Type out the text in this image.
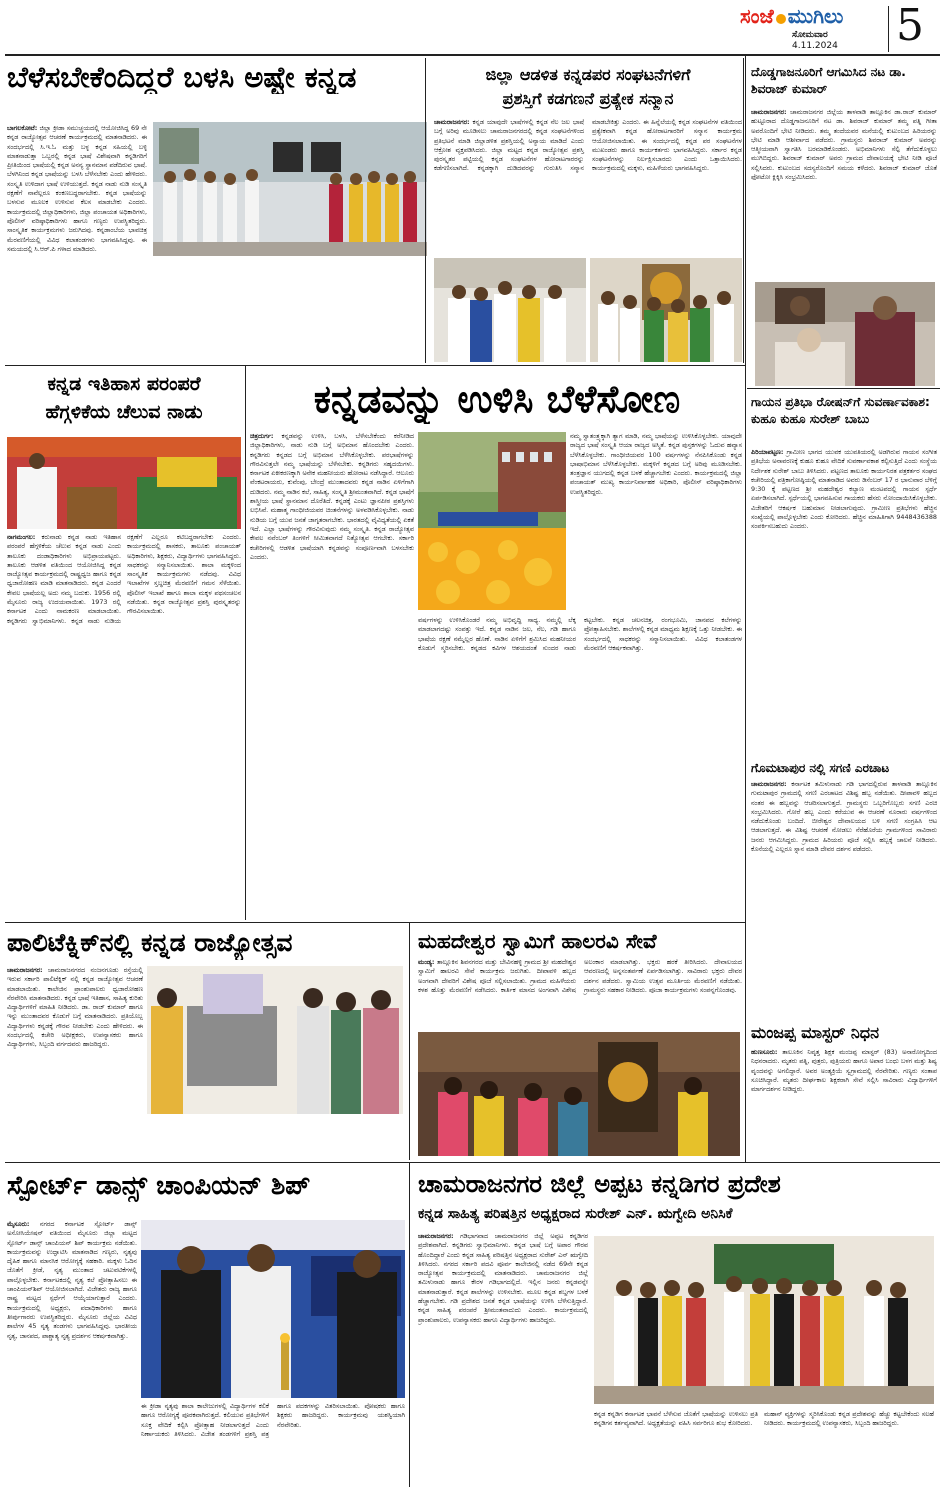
ಸಂಜೆ ಮುಗಿಲು
ಸೋಮವಾರ
4.11.2024 5
ಬೆಳೆಸಬೇಕೆಂದಿದ್ದರೆ ಬಳಸಿ ಅಷ್ಟೇ ಕನ್ನಡ
ಬಾಗಲಕೋಟೆ: ಜಿಲ್ಲಾ ಕ್ರೀಡಾ ಸಮುಚ್ಚಯದಲ್ಲಿ ಆಯೋಜಿಸಿದ್ದ 69 ನೇ ಕನ್ನಡ ರಾಜ್ಯೋತ್ಸವ ಆಚರಣೆ ಕಾರ್ಯಕ್ರಮದಲ್ಲಿ ಮಾತನಾಡಿದರು. ಈ ಸಂದರ್ಭದಲ್ಲಿ ಸಿ.ಇ.ಓ ಮತ್ತು ಬಳ್ಳ ಕನ್ನಡ ಸಹಿಯಲ್ಲಿ ಬಳ್ಳಿ ಮಾತನಾಡುತ್ತಾ ಒಬ್ಬರಲ್ಲಿ ಕನ್ನಡ ಭಾಷೆ ವಿಶೇಷವಾಗಿ ಕನ್ನಡಿಗರಿಗೆ ಪ್ರೀತಿಯಿಂದ ಭಾಷೆಯಲ್ಲಿ ಕನ್ನಡ ಅನನ್ಯ ಸ್ಥಾನಮಾನ ಪಡೆದಿರುವ ಭಾಷೆ. ಬೆಳಗಿನಿಂದ ಕನ್ನಡ ಭಾಷೆಯನ್ನು ಬಳಸಿ ಬೆಳೆಸಬೇಕು ಎಂದು ಹೇಳಿದರು. ಸಂಸ್ಕೃತಿ ಉಳಿದಾಗ ಭಾಷೆ ಉಳಿಯುತ್ತದೆ. ಕನ್ನಡ ನಾಡು ನುಡಿ ಸಂಸ್ಕೃತಿ ರಕ್ಷಣೆಗೆ ನಾವೆಲ್ಲರೂ ಕಂಕಣಬದ್ಧರಾಗಬೇಕು. ಕನ್ನಡ ಭಾಷೆಯನ್ನು ಬಳಸುವ ಮೂಲಕ ಉಳಿಸುವ ಕೆಲಸ ಮಾಡಬೇಕು ಎಂದರು. ಕಾರ್ಯಕ್ರಮದಲ್ಲಿ ಜಿಲ್ಲಾಧಿಕಾರಿಗಳು, ಜಿಲ್ಲಾ ಪಂಚಾಯತ ಅಧಿಕಾರಿಗಳು, ಪೊಲೀಸ್ ವರಿಷ್ಠಾಧಿಕಾರಿಗಳು ಹಾಗೂ ಗಣ್ಯರು ಉಪಸ್ಥಿತರಿದ್ದರು. ಸಾಂಸ್ಕೃತಿಕ ಕಾರ್ಯಕ್ರಮಗಳು ಜರುಗಿದವು. ಕನ್ನಡಾಂಬೆಯ ಭಾವಚಿತ್ರ ಮೆರವಣಿಗೆಯಲ್ಲಿ ವಿವಿಧ ಕಲಾತಂಡಗಳು ಭಾಗವಹಿಸಿದ್ದವು. ಈ ಸಮಯದಲ್ಲಿ ಸಿ.ಆರ್.ಪಿ ಗಳಾದ ಮಾಡಿದರು.
ಜಿಲ್ಲಾ ಆಡಳಿತ ಕನ್ನಡಪರ ಸಂಘಟನೆಗಳಿಗೆ
ಪ್ರಶಸ್ತಿಗೆ ಕಡಗಣನೆ ಪ್ರತ್ಯೇಕ ಸನ್ಮಾನ
ಚಾಮರಾಜನಗರ: ಕನ್ನಡ ಯಾವುದೇ ಭಾಷೆಗಳಲ್ಲಿ ಕನ್ನಡ ನೆಲ ಜಲ ಭಾಷೆ ಬಗ್ಗೆ ಅರಿವು ಮೂಡಿಸಲು ಚಾಮರಾಜನಗರದಲ್ಲಿ ಕನ್ನಡ ಸಂಘಟನೆಗಳಿಂದ ಪ್ರತಿಭಟನೆ ಮಾಡಿ ಜಿಲ್ಲಾಡಳಿತ ಪ್ರಶಸ್ತಿಯಲ್ಲಿ ಅನ್ಯಾಯ ಮಾಡಿದೆ ಎಂದು ಆಕ್ರೋಶ ವ್ಯಕ್ತಪಡಿಸಿದರು. ಜಿಲ್ಲಾ ಮಟ್ಟದ ಕನ್ನಡ ರಾಜ್ಯೋತ್ಸವ ಪ್ರಶಸ್ತಿ ಪುರಸ್ಕೃತರ ಪಟ್ಟಿಯಲ್ಲಿ ಕನ್ನಡ ಸಂಘಟನೆಗಳ ಹೋರಾಟಗಾರರನ್ನು ಕಡೆಗಣಿಸಲಾಗಿದೆ. ಕನ್ನಡಕ್ಕಾಗಿ ದುಡಿದವರನ್ನು ಗುರುತಿಸಿ ಸನ್ಮಾನ ಮಾಡಬೇಕಿತ್ತು ಎಂದರು. ಈ ಹಿನ್ನೆಲೆಯಲ್ಲಿ ಕನ್ನಡ ಸಂಘಟನೆಗಳ ವತಿಯಿಂದ ಪ್ರತ್ಯೇಕವಾಗಿ ಕನ್ನಡ ಹೋರಾಟಗಾರರಿಗೆ ಸನ್ಮಾನ ಕಾರ್ಯಕ್ರಮ ಆಯೋಜಿಸಲಾಯಿತು. ಈ ಸಂದರ್ಭದಲ್ಲಿ ಕನ್ನಡ ಪರ ಸಂಘಟನೆಗಳ ಮುಖಂಡರು ಹಾಗೂ ಕಾರ್ಯಕರ್ತರು ಭಾಗವಹಿಸಿದ್ದರು. ಸರ್ಕಾರ ಕನ್ನಡ ಸಂಘಟನೆಗಳನ್ನು ನಿರ್ಲಕ್ಷಿಸಬಾರದು ಎಂದು ಒತ್ತಾಯಿಸಿದರು. ಕಾರ್ಯಕ್ರಮದಲ್ಲಿ ಮಕ್ಕಳು, ಮಹಿಳೆಯರು ಭಾಗವಹಿಸಿದ್ದರು.
ದೊಡ್ಡಗಾಜನೂರಿಗೆ ಆಗಮಿಸಿದ ನಟ ಡಾ. ಶಿವರಾಜ್ ಕುಮಾರ್
ಚಾಮರಾಜನಗರ: ಚಾಮರಾಜನಗರ ಜಿಲ್ಲೆಯ ತಾಳವಾಡಿ ತಾಲ್ಲೂಕಿನ ಡಾ.ರಾಜ್ ಕುಮಾರ್ ಹುಟ್ಟೂರಾದ ದೊಡ್ಡಗಾಜನೂರಿಗೆ ನಟ ಡಾ. ಶಿವರಾಜ್ ಕುಮಾರ್ ತಮ್ಮ ಪತ್ನಿ ಗೀತಾ ಅವರೊಂದಿಗೆ ಭೇಟಿ ನೀಡಿದರು. ತಮ್ಮ ತಂದೆಯವರ ಮನೆಯಲ್ಲಿ ಕುಟುಂಬದ ಹಿರಿಯರನ್ನು ಭೇಟಿ ಮಾಡಿ ಆಶೀರ್ವಾದ ಪಡೆದರು. ಗ್ರಾಮಸ್ಥರು ಶಿವರಾಜ್ ಕುಮಾರ್ ಅವರನ್ನು ಆತ್ಮೀಯವಾಗಿ ಸ್ವಾಗತಿಸಿ ಬರಮಾಡಿಕೊಂಡರು. ಅಭಿಮಾನಿಗಳು ಸೆಲ್ಫಿ ತೆಗೆದುಕೊಳ್ಳಲು ಮುಗಿಬಿದ್ದರು. ಶಿವರಾಜ್ ಕುಮಾರ್ ಅವರು ಗ್ರಾಮದ ದೇವಾಲಯಕ್ಕೆ ಭೇಟಿ ನೀಡಿ ಪೂಜೆ ಸಲ್ಲಿಸಿದರು. ಕುಟುಂಬದ ಸದಸ್ಯರೊಂದಿಗೆ ಸಮಯ ಕಳೆದರು. ಶಿವರಾಜ್ ಕುಮಾರ್ ಜೊತೆ ಫೋಟೋ ಕ್ಲಿಕ್ಕಿಸಿ ಸಂಭ್ರಮಿಸಿದರು.
ಗಾಯನ ಪ್ರತಿಭಾ ರೋಷನ್‌ಗೆ ಸುವರ್ಣಾವಕಾಶ: ಕುಹೂ ಕುಹೂ ಸುರೇಶ್ ಬಾಬು
ಪಿರಿಯಾಪಟ್ಟಣ: ಗ್ರಾಮೀಣ ಭಾಗದ ಯುವಕ ಯುವತಿಯರಲ್ಲಿ ಅಡಗಿರುವ ಗಾಯನ ಸಂಗೀತ ಪ್ರತಿಭೆಯ ಅನಾವರಣಕ್ಕೆ ಕುಹೂ ಕುಹೂ ವೇದಿಕೆ ಸುವರ್ಣಾವಕಾಶ ಕಲ್ಪಿಸುತ್ತಿದೆ ಎಂದು ಸಂಸ್ಥೆಯ ನಿರ್ದೇಶಕ ಸುರೇಶ್ ಬಾಬು ತಿಳಿಸಿದರು. ಪಟ್ಟಣದ ತಾಲೂಕು ಕಾರ್ಯನಿರತ ಪತ್ರಕರ್ತರ ಸಂಘದ ಕಚೇರಿಯಲ್ಲಿ ಪತ್ರಿಕಾಗೋಷ್ಠಿಯಲ್ಲಿ ಮಾತನಾಡಿದ ಅವರು ಡಿಸೆಂಬರ್ 17 ರ ಭಾನುವಾರ ಬೆಳಿಗ್ಗೆ 9:30 ಕ್ಕೆ ಪಟ್ಟಣದ ಶ್ರೀ ಮಹದೇಶ್ವರ ಕಲ್ಯಾಣ ಮಂಟಪದಲ್ಲಿ ಗಾಯನ ಸ್ಪರ್ಧೆ ಏರ್ಪಡಿಸಲಾಗಿದೆ. ಸ್ಪರ್ಧೆಯಲ್ಲಿ ಭಾಗವಹಿಸುವ ಗಾಯಕರು ಹೆಸರು ನೋಂದಾಯಿಸಿಕೊಳ್ಳಬೇಕು. ವಿಜೇತರಿಗೆ ಆಕರ್ಷಕ ಬಹುಮಾನ ನೀಡಲಾಗುವುದು. ಗ್ರಾಮೀಣ ಪ್ರತಿಭೆಗಳು ಹೆಚ್ಚಿನ ಸಂಖ್ಯೆಯಲ್ಲಿ ಪಾಲ್ಗೊಳ್ಳಬೇಕು ಎಂದು ಕೋರಿದರು. ಹೆಚ್ಚಿನ ಮಾಹಿತಿಗಾಗಿ 9448436388 ಸಂಪರ್ಕಿಸಬಹುದು ಎಂದರು.
ಗೊಮಟಾಪುರ ನಲ್ಲಿ ಸಗಣಿ ಎರಚಾಟ
ಚಾಮರಾಜನಗರ: ಕರ್ನಾಟಕ ತಮಿಳುನಾಡು ಗಡಿ ಭಾಗದಲ್ಲಿರುವ ತಾಳವಾಡಿ ತಾಲ್ಲೂಕಿನ ಗುಮಟಾಪುರ ಗ್ರಾಮದಲ್ಲಿ ಸಗಣಿ ಎರಚಾಟದ ವಿಶಿಷ್ಟ ಹಬ್ಬ ನಡೆಯಿತು. ದೀಪಾವಳಿ ಹಬ್ಬದ ನಂತರ ಈ ಹಬ್ಬವನ್ನು ಆಚರಿಸಲಾಗುತ್ತದೆ. ಗ್ರಾಮಸ್ಥರು ಒಬ್ಬರಿಗೊಬ್ಬರು ಸಗಣಿ ಎರಚಿ ಸಂಭ್ರಮಿಸಿದರು. ಗೋರೆ ಹಬ್ಬ ಎಂದು ಕರೆಯುವ ಈ ಆಚರಣೆ ನೂರಾರು ವರ್ಷಗಳಿಂದ ನಡೆದುಕೊಂಡು ಬಂದಿದೆ. ಬೀರೇಶ್ವರ ದೇವಾಲಯದ ಬಳಿ ಸಗಣಿ ಸಂಗ್ರಹಿಸಿ ಆಟ ಆಡಲಾಗುತ್ತದೆ. ಈ ವಿಶಿಷ್ಟ ಆಚರಣೆ ನೋಡಲು ನೆರೆಹೊರೆಯ ಗ್ರಾಮಗಳಿಂದ ಸಾವಿರಾರು ಜನರು ಆಗಮಿಸಿದ್ದರು. ಗ್ರಾಮದ ಹಿರಿಯರು ಪೂಜೆ ಸಲ್ಲಿಸಿ ಹಬ್ಬಕ್ಕೆ ಚಾಲನೆ ನೀಡಿದರು. ಕೊನೆಯಲ್ಲಿ ಎಲ್ಲರೂ ಸ್ನಾನ ಮಾಡಿ ದೇವರ ದರ್ಶನ ಪಡೆದರು.
ಮಂಜಪ್ಪ ಮಾಸ್ಟರ್ ನಿಧನ
ಹುಣಸೂರು: ತಾಲೂಕಿನ ನಿವೃತ್ತ ಶಿಕ್ಷಕ ಮಂಜಪ್ಪ ಮಾಸ್ಟರ್ (83) ಅನಾರೋಗ್ಯದಿಂದ ನಿಧನರಾದರು. ಮೃತರು ಪತ್ನಿ, ಪುತ್ರರು, ಪುತ್ರಿಯರು ಹಾಗೂ ಅಪಾರ ಬಂಧು ಬಳಗ ಮತ್ತು ಶಿಷ್ಯ ವೃಂದವನ್ನು ಅಗಲಿದ್ದಾರೆ. ಅವರ ಅಂತ್ಯಕ್ರಿಯೆ ಸ್ವಗ್ರಾಮದಲ್ಲಿ ನೆರವೇರಿತು. ಗಣ್ಯರು ಸಂತಾಪ ಸೂಚಿಸಿದ್ದಾರೆ. ಮೃತರು ದೀರ್ಘಕಾಲ ಶಿಕ್ಷಕರಾಗಿ ಸೇವೆ ಸಲ್ಲಿಸಿ ಸಾವಿರಾರು ವಿದ್ಯಾರ್ಥಿಗಳಿಗೆ ಮಾರ್ಗದರ್ಶನ ನೀಡಿದ್ದರು.
ಕನ್ನಡ ಇತಿಹಾಸ ಪರಂಪರೆ
ಹೆಗ್ಗಳಿಕೆಯ ಚೆಲುವ ನಾಡು
ನಾಗಮಂಗಲ: ಕರುನಾಡು ಕನ್ನಡ ನಾಡು ಇತಿಹಾಸ ಪರಂಪರೆ ಹೆಗ್ಗಳಿಕೆಯ ಚೆಲುವ ಕನ್ನಡ ನಾಡು ಎಂದು ತಾಲೂಕು ದಂಡಾಧಿಕಾರಿಗಳು ಅಭಿಪ್ರಾಯಪಟ್ಟರು. ತಾಲೂಕು ಆಡಳಿತ ವತಿಯಿಂದ ಆಯೋಜಿಸಿದ್ದ ಕನ್ನಡ ರಾಜ್ಯೋತ್ಸವ ಕಾರ್ಯಕ್ರಮದಲ್ಲಿ ರಾಷ್ಟ್ರಧ್ವಜ ಹಾಗೂ ಕನ್ನಡ ಧ್ವಜಾರೋಹಣ ಮಾಡಿ ಮಾತನಾಡಿದರು. ಕನ್ನಡ ಎಂದರೆ ಕೇವಲ ಭಾಷೆಯಲ್ಲ ಅದು ನಮ್ಮ ಬದುಕು. 1956 ರಲ್ಲಿ ಮೈಸೂರು ರಾಜ್ಯ ಉದಯವಾಯಿತು. 1973 ರಲ್ಲಿ ಕರ್ನಾಟಕ ಎಂದು ನಾಮಕರಣ ಮಾಡಲಾಯಿತು. ಕನ್ನಡಿಗರು ಸ್ವಾಭಿಮಾನಿಗಳು. ಕನ್ನಡ ನಾಡು ನುಡಿಯ ರಕ್ಷಣೆಗೆ ಎಲ್ಲರೂ ಕಟಿಬದ್ಧರಾಗಬೇಕು ಎಂದರು. ಕಾರ್ಯಕ್ರಮದಲ್ಲಿ ಶಾಸಕರು, ತಾಲೂಕು ಪಂಚಾಯತ್ ಅಧಿಕಾರಿಗಳು, ಶಿಕ್ಷಕರು, ವಿದ್ಯಾರ್ಥಿಗಳು ಭಾಗವಹಿಸಿದ್ದರು. ಸಾಧಕರನ್ನು ಸನ್ಮಾನಿಸಲಾಯಿತು. ಶಾಲಾ ಮಕ್ಕಳಿಂದ ಸಾಂಸ್ಕೃತಿಕ ಕಾರ್ಯಕ್ರಮಗಳು ನಡೆದವು. ವಿವಿಧ ಇಲಾಖೆಗಳ ಸ್ತಬ್ಧಚಿತ್ರ ಮೆರವಣಿಗೆ ಗಮನ ಸೆಳೆಯಿತು. ಪೊಲೀಸ್ ಇಲಾಖೆ ಹಾಗೂ ಶಾಲಾ ಮಕ್ಕಳ ಪಥಸಂಚಲನ ನಡೆಯಿತು. ಕನ್ನಡ ರಾಜ್ಯೋತ್ಸವ ಪ್ರಶಸ್ತಿ ಪುರಸ್ಕೃತರನ್ನು ಗೌರವಿಸಲಾಯಿತು.
ಕನ್ನಡವನ್ನು ಉಳಿಸಿ ಬೆಳೆಸೋಣ
ಚಿತ್ರದುರ್ಗ: ಕನ್ನಡವನ್ನು ಉಳಿಸಿ, ಬಳಸಿ, ಬೆಳೆಸಬೇಕೆಂದು ಕರೆನೀಡಿದ ಜಿಲ್ಲಾಧಿಕಾರಿಗಳು, ನಾಡು ನುಡಿ ಬಗ್ಗೆ ಅಭಿಮಾನ ಹೊಂದಬೇಕು ಎಂದರು. ಕನ್ನಡಿಗರು ಕನ್ನಡದ ಬಗ್ಗೆ ಅಭಿಮಾನ ಬೆಳೆಸಿಕೊಳ್ಳಬೇಕು. ಪರಭಾಷೆಗಳನ್ನು ಗೌರವಿಸುತ್ತಲೇ ನಮ್ಮ ಭಾಷೆಯನ್ನು ಬೆಳೆಸಬೇಕು. ಕನ್ನಡಿಗರು ಸಹೃದಯಿಗಳು. ಕರ್ನಾಟಕ ಏಕೀಕರಣಕ್ಕಾಗಿ ಅನೇಕ ಮಹನೀಯರು ಹೋರಾಟ ನಡೆಸಿದ್ದಾರೆ. ಆಲೂರು ವೆಂಕಟರಾಯರು, ಕುವೆಂಪು, ಬೇಂದ್ರೆ ಮುಂತಾದವರು ಕನ್ನಡ ನಾಡಿನ ಏಳಿಗೆಗಾಗಿ ದುಡಿದರು. ನಮ್ಮ ನಾಡಿನ ಕಲೆ, ಸಾಹಿತ್ಯ, ಸಂಸ್ಕೃತಿ ಶ್ರೀಮಂತವಾಗಿದೆ. ಕನ್ನಡ ಭಾಷೆಗೆ ಶಾಸ್ತ್ರೀಯ ಭಾಷೆ ಸ್ಥಾನಮಾನ ದೊರೆತಿದೆ. ಕನ್ನಡಕ್ಕೆ ಎಂಟು ಜ್ಞಾನಪೀಠ ಪ್ರಶಸ್ತಿಗಳು ಲಭಿಸಿವೆ. ಮಹಾತ್ಮ ಗಾಂಧೀಜಿಯವರ ಚಿಂತನೆಗಳನ್ನು ಅಳವಡಿಸಿಕೊಳ್ಳಬೇಕು. ನಾಡು ನುಡಿಯ ಬಗ್ಗೆ ಯುವ ಜನತೆ ಜಾಗೃತರಾಗಬೇಕು. ಭಾರತದಲ್ಲಿ ವೈವಿಧ್ಯತೆಯಲ್ಲಿ ಏಕತೆ ಇದೆ. ಎಲ್ಲಾ ಭಾಷೆಗಳನ್ನು ಗೌರವಿಸುವುದು ನಮ್ಮ ಸಂಸ್ಕೃತಿ. ಕನ್ನಡ ರಾಜ್ಯೋತ್ಸವ ಕೇವಲ ನವೆಂಬರ್ ತಿಂಗಳಿಗೆ ಸೀಮಿತವಾಗದೆ ನಿತ್ಯೋತ್ಸವ ಆಗಬೇಕು. ಸರ್ಕಾರಿ ಕಚೇರಿಗಳಲ್ಲಿ ಆಡಳಿತ ಭಾಷೆಯಾಗಿ ಕನ್ನಡವನ್ನು ಸಂಪೂರ್ಣವಾಗಿ ಬಳಸಬೇಕು ಎಂದರು.
ನಮ್ಮ ಸ್ವಾತಂತ್ರ್ಯಕ್ಕಾಗಿ ತ್ಯಾಗ ಮಾಡಿ, ನಮ್ಮ ಭಾಷೆಯನ್ನು ಉಳಿಸಿಕೊಳ್ಳಬೇಕು. ಯಾವುದೇ ರಾಜ್ಯದ ಭಾಷೆ ಸಂಸ್ಕೃತಿ ಆಯಾ ರಾಜ್ಯದ ಅಸ್ಮಿತೆ. ಕನ್ನಡ ಪುಸ್ತಕಗಳನ್ನು ಓದುವ ಹವ್ಯಾಸ ಬೆಳೆಸಿಕೊಳ್ಳಬೇಕು. ಗಾಂಧೀಜಿಯವರ 100 ವರ್ಷಗಳನ್ನು ನೆನಪಿಸಿಕೊಂಡು ಕನ್ನಡ ಭಾಷಾಭಿಮಾನ ಬೆಳೆಸಿಕೊಳ್ಳಬೇಕು. ಮಕ್ಕಳಿಗೆ ಕನ್ನಡದ ಬಗ್ಗೆ ಅರಿವು ಮೂಡಿಸಬೇಕು. ತಂತ್ರಜ್ಞಾನ ಯುಗದಲ್ಲಿ ಕನ್ನಡ ಬಳಕೆ ಹೆಚ್ಚಾಗಬೇಕು ಎಂದರು. ಕಾರ್ಯಕ್ರಮದಲ್ಲಿ ಜಿಲ್ಲಾ ಪಂಚಾಯತ್ ಮುಖ್ಯ ಕಾರ್ಯನಿರ್ವಾಹಕ ಅಧಿಕಾರಿ, ಪೊಲೀಸ್ ವರಿಷ್ಠಾಧಿಕಾರಿಗಳು ಉಪಸ್ಥಿತರಿದ್ದರು.
ವರ್ಷಗಳನ್ನು ಉಳಿಸಿಕೊಂಡರೆ ನಮ್ಮ ಅಭಿವೃದ್ಧಿ ಸಾಧ್ಯ. ನಮ್ಮಲ್ಲಿ ಲೆಕ್ಕ ಮಾಡಲಾಗದಷ್ಟು ಸಂಪತ್ತು ಇದೆ. ಕನ್ನಡ ನಾಡಿನ ಜಲ, ನೆಲ, ಗಡಿ ಹಾಗೂ ಭಾಷೆಯ ರಕ್ಷಣೆ ನಮ್ಮೆಲ್ಲರ ಹೊಣೆ. ನಾಡಿನ ಏಳಿಗೆಗೆ ಶ್ರಮಿಸಿದ ಮಹನೀಯರ ಕೊಡುಗೆ ಸ್ಮರಿಸಬೇಕು. ಕನ್ನಡದ ಕವಿಗಳ ಆಶಯದಂತೆ ಸುಂದರ ನಾಡು ಕಟ್ಟಬೇಕು. ಕನ್ನಡ ಚಲನಚಿತ್ರ, ರಂಗಭೂಮಿ, ಜಾನಪದ ಕಲೆಗಳನ್ನು ಪ್ರೋತ್ಸಾಹಿಸಬೇಕು. ಶಾಲೆಗಳಲ್ಲಿ ಕನ್ನಡ ಮಾಧ್ಯಮ ಶಿಕ್ಷಣಕ್ಕೆ ಒತ್ತು ನೀಡಬೇಕು. ಈ ಸಂದರ್ಭದಲ್ಲಿ ಸಾಧಕರನ್ನು ಸನ್ಮಾನಿಸಲಾಯಿತು. ವಿವಿಧ ಕಲಾತಂಡಗಳ ಮೆರವಣಿಗೆ ಆಕರ್ಷಕವಾಗಿತ್ತು.
ಪಾಲಿಟೆಕ್ನಿಕ್‌ನಲ್ಲಿ ಕನ್ನಡ ರಾಜ್ಯೋತ್ಸವ
ಚಾಮರಾಜನಗರ: ಚಾಮರಾಜನಗರದ ನಂಜನಗೂಡು ರಸ್ತೆಯಲ್ಲಿ ಇರುವ ಸರ್ಕಾರಿ ಪಾಲಿಟೆಕ್ನಿಕ್ ನಲ್ಲಿ ಕನ್ನಡ ರಾಜ್ಯೋತ್ಸವ ಆಚರಣೆ ಮಾಡಲಾಯಿತು. ಕಾಲೇಜಿನ ಪ್ರಾಂಶುಪಾಲರು ಧ್ವಜಾರೋಹಣ ನೆರವೇರಿಸಿ ಮಾತನಾಡಿದರು. ಕನ್ನಡ ಭಾಷೆ ಇತಿಹಾಸ, ಸಾಹಿತ್ಯ ಕುರಿತು ವಿದ್ಯಾರ್ಥಿಗಳಿಗೆ ಮಾಹಿತಿ ನೀಡಿದರು. ಡಾ. ರಾಜ್ ಕುಮಾರ್ ಹಾಗೂ ಇನ್ನು ಮುಂತಾದವರ ಕೊಡುಗೆ ಬಗ್ಗೆ ಮಾತನಾಡಿದರು. ಪ್ರತಿಯೊಬ್ಬ ವಿದ್ಯಾರ್ಥಿಗಳು ಕನ್ನಡಕ್ಕೆ ಗೌರವ ನೀಡಬೇಕು ಎಂದು ಹೇಳಿದರು. ಈ ಸಂದರ್ಭದಲ್ಲಿ ಕಚೇರಿ ಅಧೀಕ್ಷಕರು, ಉಪನ್ಯಾಸಕರು ಹಾಗೂ ವಿದ್ಯಾರ್ಥಿಗಳು, ಸಿಬ್ಬಂದಿ ವರ್ಗದವರು ಹಾಜರಿದ್ದರು.
ಮಹದೇಶ್ವರ ಸ್ವಾಮಿಗೆ ಹಾಲರವಿ ಸೇವೆ
ಮಂಡ್ಯ: ತಾಲ್ಲೂಕಿನ ಶಿವನಗರದ ಮತ್ತು ಬೇವಿನಹಳ್ಳಿ ಗ್ರಾಮದ ಶ್ರೀ ಮಹದೇಶ್ವರ ಸ್ವಾಮಿಗೆ ಹಾಲರವಿ ಸೇವೆ ಕಾರ್ಯಕ್ರಮ ಜರುಗಿತು. ದೀಪಾವಳಿ ಹಬ್ಬದ ಅಂಗವಾಗಿ ದೇವರಿಗೆ ವಿಶೇಷ ಪೂಜೆ ಸಲ್ಲಿಸಲಾಯಿತು. ಗ್ರಾಮದ ಮಹಿಳೆಯರು ಕಳಶ ಹೊತ್ತು ಮೆರವಣಿಗೆ ನಡೆಸಿದರು. ಕಾರ್ತಿಕ ಮಾಸದ ಅಂಗವಾಗಿ ವಿಶೇಷ ಅಲಂಕಾರ ಮಾಡಲಾಗಿತ್ತು. ಭಕ್ತರು ಹರಕೆ ತೀರಿಸಿದರು. ದೇವಾಲಯದ ಆವರಣದಲ್ಲಿ ಅನ್ನಸಂತರ್ಪಣೆ ಏರ್ಪಡಿಸಲಾಗಿತ್ತು. ಸಾವಿರಾರು ಭಕ್ತರು ದೇವರ ದರ್ಶನ ಪಡೆದರು. ಸ್ವಾಮಿಯ ಉತ್ಸವ ಮೂರ್ತಿಯ ಮೆರವಣಿಗೆ ನಡೆಯಿತು. ಗ್ರಾಮಸ್ಥರು ಸಹಕಾರ ನೀಡಿದರು. ಪೂಜಾ ಕಾರ್ಯಕ್ರಮಗಳು ಸಂಪನ್ನಗೊಂಡವು.
ಸ್ಪೋರ್ಟ್ ಡಾನ್ಸ್ ಚಾಂಪಿಯನ್ ಶಿಪ್
ಮೈಸೂರು: ನಗರದ ಕರ್ನಾಟಕ ಸ್ಪೋರ್ಟ್ ಡಾನ್ಸ್ ಅಸೋಸಿಯೇಷನ್ ವತಿಯಿಂದ ಮೈಸೂರು ಜಿಲ್ಲಾ ಮಟ್ಟದ ಸ್ಪೋರ್ಟ್ ಡಾನ್ಸ್ ಚಾಂಪಿಯನ್ ಶಿಪ್ ಕಾರ್ಯಕ್ರಮ ನಡೆಯಿತು. ಕಾರ್ಯಕ್ರಮವನ್ನು ಉದ್ಘಾಟಿಸಿ ಮಾತನಾಡಿದ ಗಣ್ಯರು, ನೃತ್ಯವು ದೈಹಿಕ ಹಾಗೂ ಮಾನಸಿಕ ಆರೋಗ್ಯಕ್ಕೆ ಸಹಕಾರಿ. ಮಕ್ಕಳು ಓದಿನ ಜೊತೆಗೆ ಕ್ರೀಡೆ, ನೃತ್ಯ ಮುಂತಾದ ಚಟುವಟಿಕೆಗಳಲ್ಲಿ ಪಾಲ್ಗೊಳ್ಳಬೇಕು. ಕರ್ನಾಟಕದಲ್ಲಿ ನೃತ್ಯ ಕಲೆ ಪ್ರೋತ್ಸಾಹಿಸಲು ಈ ಚಾಂಪಿಯನ್‌ಶಿಪ್ ಆಯೋಜಿಸಲಾಗಿದೆ. ವಿಜೇತರು ರಾಜ್ಯ ಹಾಗೂ ರಾಷ್ಟ್ರ ಮಟ್ಟದ ಸ್ಪರ್ಧೆಗೆ ಆಯ್ಕೆಯಾಗುತ್ತಾರೆ ಎಂದರು. ಕಾರ್ಯಕ್ರಮದಲ್ಲಿ ಅಧ್ಯಕ್ಷರು, ಪದಾಧಿಕಾರಿಗಳು ಹಾಗೂ ತೀರ್ಪುಗಾರರು ಉಪಸ್ಥಿತರಿದ್ದರು. ಮೈಸೂರು ಜಿಲ್ಲೆಯ ವಿವಿಧ ಶಾಲೆಗಳ 45 ನೃತ್ಯ ತಂಡಗಳು ಭಾಗವಹಿಸಿದ್ದವು. ಭಾರತೀಯ ನೃತ್ಯ, ಜಾನಪದ, ಪಾಶ್ಚಾತ್ಯ ನೃತ್ಯ ಪ್ರದರ್ಶನ ಆಕರ್ಷಕವಾಗಿತ್ತು.
ಈ ಕ್ರೀಡಾ ನೃತ್ಯವು ಶಾಲಾ ಕಾಲೇಜುಗಳಲ್ಲಿ ವಿದ್ಯಾರ್ಥಿಗಳ ಕಲಿಕೆ ಹಾಗೂ ಆರೋಗ್ಯಕ್ಕೆ ಪೂರಕವಾಗಿರುತ್ತದೆ. ಕಲಿಯುವ ಪ್ರತಿಭೆಗಳಿಗೆ ಸೂಕ್ತ ವೇದಿಕೆ ಕಲ್ಪಿಸಿ ಪ್ರೋತ್ಸಾಹ ನೀಡಲಾಗುತ್ತದೆ ಎಂದು ನಿರ್ಣಾಯಕರು ತಿಳಿಸಿದರು. ವಿಜೇತ ತಂಡಗಳಿಗೆ ಪ್ರಶಸ್ತಿ ಪತ್ರ ಹಾಗೂ ಪದಕಗಳನ್ನು ವಿತರಿಸಲಾಯಿತು. ಪೋಷಕರು ಹಾಗೂ ಶಿಕ್ಷಕರು ಹಾಜರಿದ್ದರು. ಕಾರ್ಯಕ್ರಮವು ಯಶಸ್ವಿಯಾಗಿ ನೆರವೇರಿತು.
ಚಾಮರಾಜನಗರ ಜಿಲ್ಲೆ ಅಪ್ಪಟ ಕನ್ನಡಿಗರ ಪ್ರದೇಶ
ಕನ್ನಡ ಸಾಹಿತ್ಯ ಪರಿಷತ್ತಿನ ಅಧ್ಯಕ್ಷರಾದ ಸುರೇಶ್ ಎನ್. ಋಗ್ವೇದಿ ಅನಿಸಿಕೆ
ಚಾಮರಾಜನಗರ: ಗಡಿಭಾಗವಾದ ಚಾಮರಾಜನಗರ ಜಿಲ್ಲೆ ಅಪ್ಪಟ ಕನ್ನಡಿಗರ ಪ್ರದೇಶವಾಗಿದೆ. ಕನ್ನಡಿಗರು ಸ್ವಾಭಿಮಾನಿಗಳು. ಕನ್ನಡ ಭಾಷೆ ಬಗ್ಗೆ ಅಪಾರ ಗೌರವ ಹೊಂದಿದ್ದಾರೆ ಎಂದು ಕನ್ನಡ ಸಾಹಿತ್ಯ ಪರಿಷತ್ತಿನ ಅಧ್ಯಕ್ಷರಾದ ಸುರೇಶ್ ಎನ್ ಋಗ್ವೇದಿ ತಿಳಿಸಿದರು. ನಗರದ ಸರ್ಕಾರಿ ಪದವಿ ಪೂರ್ವ ಕಾಲೇಜಿನಲ್ಲಿ ನಡೆದ 69ನೇ ಕನ್ನಡ ರಾಜ್ಯೋತ್ಸವ ಕಾರ್ಯಕ್ರಮದಲ್ಲಿ ಮಾತನಾಡಿದರು. ಚಾಮರಾಜನಗರ ಜಿಲ್ಲೆ ತಮಿಳುನಾಡು ಹಾಗೂ ಕೇರಳ ಗಡಿಭಾಗದಲ್ಲಿದೆ. ಇಲ್ಲಿನ ಜನರು ಕನ್ನಡವನ್ನೇ ಮಾತನಾಡುತ್ತಾರೆ. ಕನ್ನಡ ಶಾಲೆಗಳನ್ನು ಉಳಿಸಬೇಕು. ಮೂಲ ಕನ್ನಡ ಶಬ್ದಗಳ ಬಳಕೆ ಹೆಚ್ಚಾಗಬೇಕು. ಗಡಿ ಪ್ರದೇಶದ ಜನತೆ ಕನ್ನಡ ಭಾಷೆಯನ್ನು ಉಳಿಸಿ ಬೆಳೆಸುತ್ತಿದ್ದಾರೆ. ಕನ್ನಡ ಸಾಹಿತ್ಯ ಪರಂಪರೆ ಶ್ರೀಮಂತವಾದುದು ಎಂದರು. ಕಾರ್ಯಕ್ರಮದಲ್ಲಿ ಪ್ರಾಂಶುಪಾಲರು, ಉಪನ್ಯಾಸಕರು ಹಾಗೂ ವಿದ್ಯಾರ್ಥಿಗಳು ಹಾಜರಿದ್ದರು.
ಕನ್ನಡ ಕನ್ನಡಿಗ ಕರ್ನಾಟಕ ಭಾವನೆ ಬೆಳೆಸುವ ಜೊತೆಗೆ ಭಾಷೆಯನ್ನು ಉಳಿಸಲು ಪ್ರತಿ ಕನ್ನಡಿಗನ ಕರ್ತವ್ಯವಾಗಿದೆ. ಅಧ್ಯಕ್ಷತೆಯನ್ನು ವಹಿಸಿ ಸರ್ವರಿಗೂ ಶುಭ ಕೋರಿದರು.
ಮಹಾನ್ ವ್ಯಕ್ತಿಗಳನ್ನು ಸ್ಮರಿಸಿಕೊಂಡು ಕನ್ನಡ ಪ್ರದೇಶವನ್ನು ಹೆಚ್ಚು ಕಟ್ಟಬೇಕೆಂದು ಸಲಹೆ ನೀಡಿದರು. ಕಾರ್ಯಕ್ರಮದಲ್ಲಿ ಉಪನ್ಯಾಸಕರು, ಸಿಬ್ಬಂದಿ ಹಾಜರಿದ್ದರು.
